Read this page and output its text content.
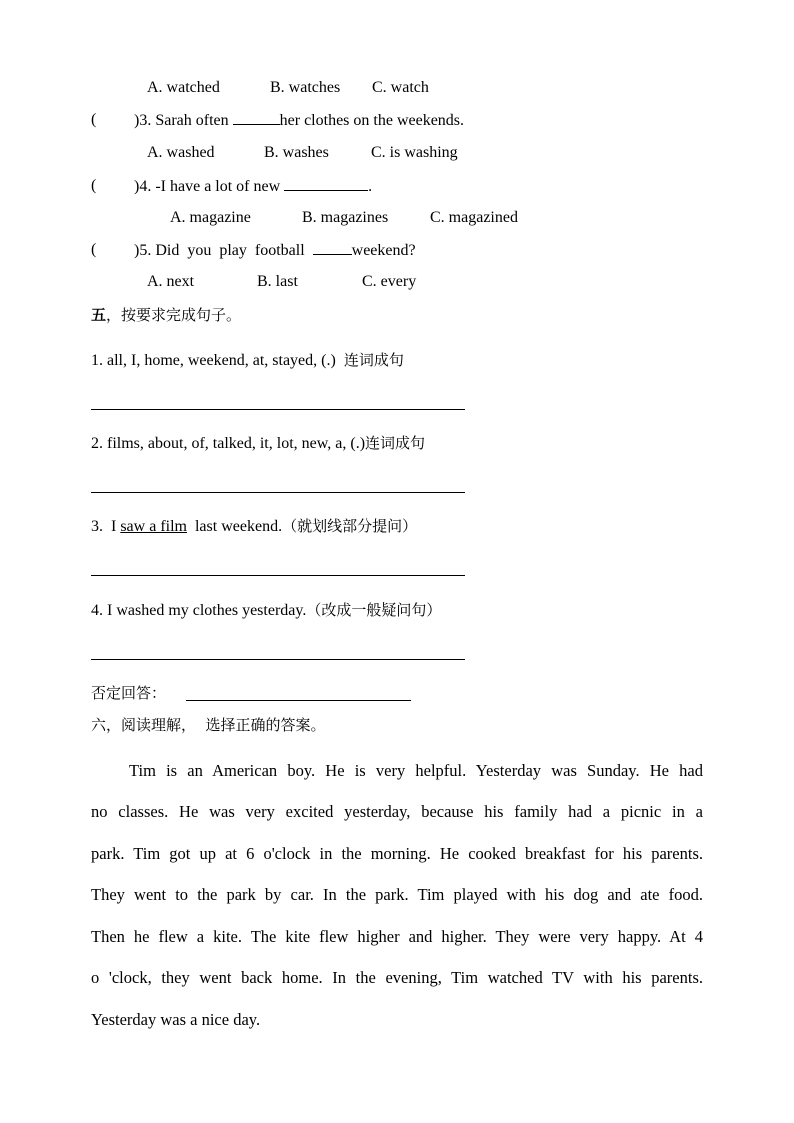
A. watched	B. watches C. watch
( )3. Sarah often	her clothes on the weekends.
A. washed	B. washes	C. is washing
( )4. -I have a lot of new	.
A. magazine	B. magazines	C. magazined
( )5. Did  you  play  football	weekend?
A. next	B. last	C. every
五，按要求完成句子。
1. all, I, home, weekend, at, stayed, (.) 连词成句
2. films, about, of, talked, it, lot, new, a, (.)连词成句
3. I saw a film last weekend.（就划线部分提问）
4. I washed my clothes yesterday.（改成一般疑问句）
否定回答：
六，阅读理解，  选择正确的答案。
Tim is an American boy. He is very helpful. Yesterday was Sunday. He had
no classes. He was very excited yesterday, because his family had a picnic in a
park. Tim got up at 6 o'clock in the morning. He cooked breakfast for his parents.
They went to the park by car. In the park. Tim played with his dog and ate food.
Then he flew a kite. The kite flew higher and higher. They were very happy. At 4
o 'clock, they went back home. In the evening, Tim watched TV with his parents.
Yesterday was a nice day.
